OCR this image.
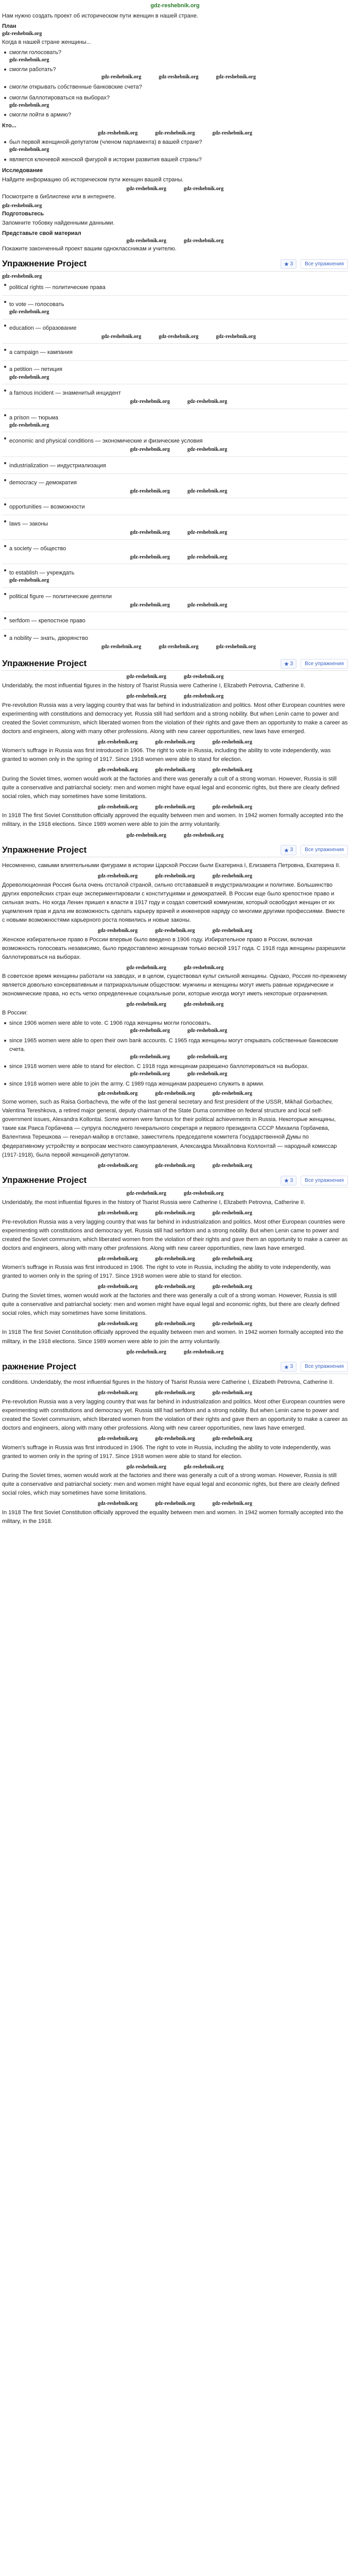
gdz-reshebnik.org
Нам нужно создать проект об историческом пути женщин в нашей стране.
План
gdz-reshebnik.org
Когда в нашей стране женщины...
смогли голосовать?
gdz-reshebnik.org
смогли работать?
gdz-reshebnik.org	gdz-reshebnik.org	gdz-reshebnik.org
смогли открывать собственные банковские счета?
смогли баллотироваться на выборах?
gdz-reshebnik.org
смогли пойти в армию?
Кто...
gdz-reshebnik.org	gdz-reshebnik.org	gdz-reshebnik.org
был первой женщиной-депутатом (членом парламента) в вашей стране?
gdz-reshebnik.org
является ключевой женской фигурой в истории развития вашей страны?
Исследование
Найдите информацию об историческом пути женщин вашей страны.
gdz-reshebnik.org	gdz-reshebnik.org
Посмотрите в библиотеке или в интернете.
gdz-reshebnik.org
Подготовьтесь
Запомните тобовку найденными данными.
Представьте свой материал
gdz-reshebnik.org	gdz-reshebnik.org
Покажите законченный проект вашим одноклассникам и учителю.
Упражнение Project	3	Все упражнения
gdz-reshebnik.org
political rights — политические права
to vote — голосовать
gdz-reshebnik.org
education — образование
gdz-reshebnik.org	gdz-reshebnik.org	gdz-reshebnik.org
a campaign — кампания
a petition — петиция
gdz-reshebnik.org
a famous incident — знаменитый инцидент
gdz-reshebnik.org	gdz-reshebnik.org
a prison — тюрьма
gdz-reshebnik.org
economic and physical conditions — экономические и физические условия
gdz-reshebnik.org	gdz-reshebnik.org
industrialization — индустриализация
democracy — демократия
gdz-reshebnik.org	gdz-reshebnik.org
opportunities — возможности
laws — законы
gdz-reshebnik.org	gdz-reshebnik.org
a society — общество
gdz-reshebnik.org	gdz-reshebnik.org
to establish — учреждать
gdz-reshebnik.org
political figure — политические деятели
gdz-reshebnik.org	gdz-reshebnik.org
serfdom — крепостное право
a nobility — знать, дворянство
gdz-reshebnik.org	gdz-reshebnik.org	gdz-reshebnik.org
Упражнение Project	3	Все упражнения
gdz-reshebnik.org	gdz-reshebnik.org

Underidably, the most influential figures in the history of Tsarist Russia were Catherine I, Elizabeth Petrovna, Catherine II.

gdz-reshebnik.org	gdz-reshebnik.org

Pre-revolution Russia was a very lagging country that was far behind in industrialization and politics. Most other European countries were experimenting with constitutions and democracy yet. Russia still had serfdom and a strong nobility. But when Lenin came to power and created the Soviet communism, which liberated women from the violation of their rights and gave them an opportunity to make a career as doctors and engineers, along with many other professions. Along with new career opportunities, new laws have emerged.

gdz-reshebnik.org	gdz-reshebnik.org	gdz-reshebnik.org

Women's suffrage in Russia was first introduced in 1906. The right to vote in Russia, including the ability to vote independently, was granted to women only in the spring of 1917. Since 1918 women were able to stand for election.

gdz-reshebnik.org	gdz-reshebnik.org	gdz-reshebnik.org

During the Soviet times, women would work at the factories and there was generally a cult of a strong woman. However, Russia is still quite a conservative and patriarchal society: men and women might have equal legal and economic rights, but there are clearly defined social roles, which may sometimes have some limitations.

gdz-reshebnik.org	gdz-reshebnik.org	gdz-reshebnik.org

In 1918 The first Soviet Constitution officially approved the equality between men and women. In 1942 women formally accepted into the military, in the 1918 elections. Since 1989 women were able to join the army voluntarily.

gdz-reshebnik.org	gdz-reshebnik.org
Упражнение Project	3	Все упражнения

Несомненно, самыми влиятельными фигурами в истории Царской России были Екатерина I, Елизавета Петровна, Екатерина II.

gdz-reshebnik.org	gdz-reshebnik.org	gdz-reshebnik.org

Дореволюционная Россия была очень отсталой страной, сильно отстававшей в индустриализации и политике. Большинство других европейских стран еще экспериментировали с конституциями и демократией. В России еще было крепостное право и сильная знать. Но когда Ленин пришел к власти в 1917 году и создал советский коммунизм, который освободил женщин от их ущемления прав и дала им возможность сделать карьеру врачей и инженеров наряду со многими другими профессиями. Вместе с новыми возможностями карьерного роста появились и новые законы.

gdz-reshebnik.org	gdz-reshebnik.org	gdz-reshebnik.org

Женское избирательное право в России впервые было введено в 1906 году. Избирательное право в России, включая возможность голосовать независимо, было предоставлено женщинам только весной 1917 года. С 1918 года женщины разрешили баллотироваться на выборах.

gdz-reshebnik.org	gdz-reshebnik.org

В советское время женщины работали на заводах, и в целом, существовал культ сильной женщины. Однако, Россия по-прежнему является довольно консервативным и патриархальным обществом: мужчины и женщины могут иметь равные юридические и экономические права, но есть четко определенные социальные роли, которые иногда могут иметь некоторые ограничения.

gdz-reshebnik.org	gdz-reshebnik.org
В России:
since 1906 women were able to vote. С 1906 года женщины могли голосовать.
gdz-reshebnik.org	gdz-reshebnik.org
since 1965 women were able to open their own bank accounts. С 1965 года женщины могут открывать собственные банковские счета.
gdz-reshebnik.org	gdz-reshebnik.org
since 1918 women were able to stand for election. С 1918 года женщинам разрешено баллотироваться на выборах.
gdz-reshebnik.org	gdz-reshebnik.org
since 1918 women were able to join the army. С 1989 года женщинам разрешено служить в армии.
gdz-reshebnik.org	gdz-reshebnik.org	gdz-reshebnik.org

Some women, such as Raisa Gorbacheva, the wife of the last general secretary and first president of the USSR, Mikhail Gorbachev, Valentina Tereshkova, a retired major general, deputy chairman of the State Duma committee on federal structure and local self-government issues, Alexandra Kollontai. Some women were famous for their political achievements in Russia. Некоторые женщины, такие как Раиса Горбачева — супруга последнего генерального секретаря и первого президента СССР Михаила Горбачева, Валентина Терешкова — генерал-майор в отставке, заместитель председателя комитета Государственной Думы по федеративному устройству и вопросам местного самоуправления, Александра Михайловна Коллонтай — народный комиссар (1917-1918), была первой женщиной-депутатом.

gdz-reshebnik.org	gdz-reshebnik.org	gdz-reshebnik.org
Упражнение Project	3	Все упражнения
gdz-reshebnik.org	gdz-reshebnik.org

Underidably, the most influential figures in the history of Tsarist Russia were Catherine I, Elizabeth Petrovna, Catherine II.

gdz-reshebnik.org	gdz-reshebnik.org	gdz-reshebnik.org

Pre-revolution Russia was a very lagging country that was far behind in industrialization and politics. Most other European countries were experimenting with constitutions and democracy yet. Russia still had serfdom and a strong nobility. But when Lenin came to power and created the Soviet communism, which liberated women from the violation of their rights and gave them an opportunity to make a career as doctors and engineers, along with many other professions. Along with new career opportunities, new laws have emerged.

gdz-reshebnik.org	gdz-reshebnik.org	gdz-reshebnik.org

Women's suffrage in Russia was first introduced in 1906. The right to vote in Russia, including the ability to vote independently, was granted to women only in the spring of 1917. Since 1918 women were able to stand for election.

gdz-reshebnik.org	gdz-reshebnik.org	gdz-reshebnik.org

During the Soviet times, women would work at the factories and there was generally a cult of a strong woman. However, Russia is still quite a conservative and patriarchal society: men and women might have equal legal and economic rights, but there are clearly defined social roles, which may sometimes have some limitations.

gdz-reshebnik.org	gdz-reshebnik.org	gdz-reshebnik.org

In 1918 The first Soviet Constitution officially approved the equality between men and women. In 1942 women formally accepted into the military, in the 1918 elections. Since 1989 women were able to join the army voluntarily.

gdz-reshebnik.org	gdz-reshebnik.org
ражнение Project	3	Все упражнения

conditions. Underidably, the most influential figures in the history of Tsarist Russia were Catherine I, Elizabeth Petrovna, Catherine II.

gdz-reshebnik.org	gdz-reshebnik.org	gdz-reshebnik.org

Pre-revolution Russia was a very lagging country that was far behind in industrialization and politics. Most other European countries were experimenting with constitutions and democracy yet. Russia still had serfdom and a strong nobility. But when Lenin came to power and created the Soviet communism, which liberated women from the violation of their rights and gave them an opportunity to make a career as doctors and engineers, along with many other professions. Along with new career opportunities, new laws have emerged.

gdz-reshebnik.org	gdz-reshebnik.org	gdz-reshebnik.org

Women's suffrage in Russia was first introduced in 1906. The right to vote in Russia, including the ability to vote independently, was granted to women only in the spring of 1917. Since 1918 women were able to stand for election.

gdz-reshebnik.org	gdz-reshebnik.org

During the Soviet times, women would work at the factories and there was generally a cult of a strong woman. However, Russia is still quite a conservative and patriarchal society: men and women might have equal legal and economic rights, but there are clearly defined social roles, which may sometimes have some limitations.

gdz-reshebnik.org	gdz-reshebnik.org	gdz-reshebnik.org

In 1918 The first Soviet Constitution officially approved the equality between men and women. In 1942 women formally accepted into the military, in the 1918.
